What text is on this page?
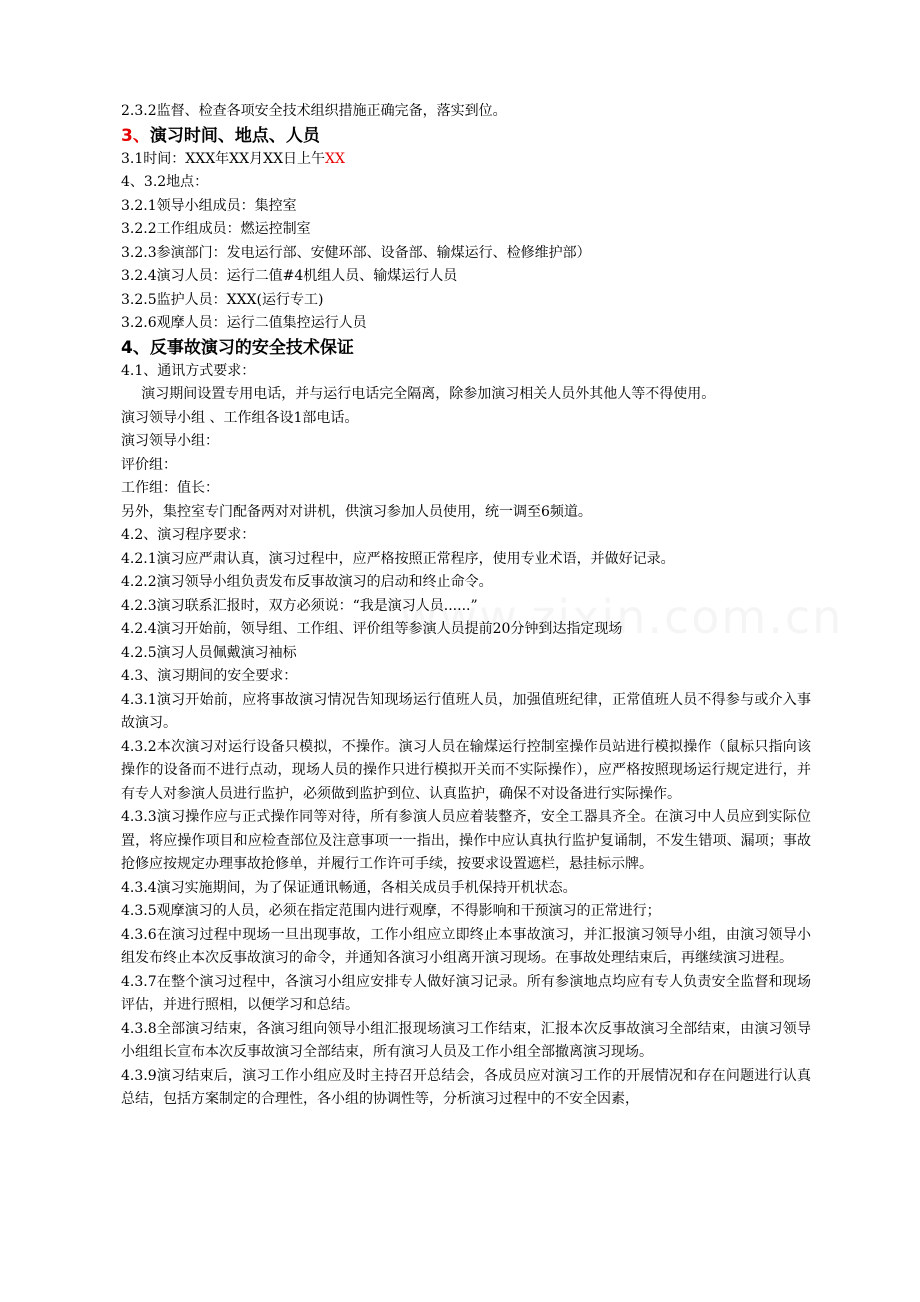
2.3.2监督、检查各项安全技术组织措施正确完备，落实到位。
3、演习时间、地点、人员
3.1时间：XXX年XX月XX日上午XX
4、3.2地点：
3.2.1领导小组成员：集控室
3.2.2工作组成员：燃运控制室
3.2.3参演部门：发电运行部、安健环部、设备部、输煤运行、检修维护部）
3.2.4演习人员：运行二值#4机组人员、输煤运行人员
3.2.5监护人员：XXX(运行专工)
3.2.6观摩人员：运行二值集控运行人员
4、反事故演习的安全技术保证
4.1、通讯方式要求：
演习期间设置专用电话，并与运行电话完全隔离，除参加演习相关人员外其他人等不得使用。
演习领导小组 、工作组各设1部电话。
演习领导小组：
评价组：
工作组：值长：
另外，集控室专门配备两对对讲机，供演习参加人员使用，统一调至6频道。
4.2、演习程序要求：
4.2.1演习应严肃认真，演习过程中，应严格按照正常程序，使用专业术语，并做好记录。
4.2.2演习领导小组负责发布反事故演习的启动和终止命令。
4.2.3演习联系汇报时，双方必须说：“我是演习人员......”
4.2.4演习开始前，领导组、工作组、评价组等参演人员提前20分钟到达指定现场
4.2.5演习人员佩戴演习袖标
4.3、演习期间的安全要求：
4.3.1演习开始前，应将事故演习情况告知现场运行值班人员，加强值班纪律，正常值班人员不得参与或介入事故演习。
4.3.2本次演习对运行设备只模拟，不操作。演习人员在输煤运行控制室操作员站进行模拟操作（鼠标只指向该操作的设备而不进行点动，现场人员的操作只进行模拟开关而不实际操作），应严格按照现场运行规定进行，并有专人对参演人员进行监护，必须做到监护到位、认真监护，确保不对设备进行实际操作。
4.3.3演习操作应与正式操作同等对待，所有参演人员应着装整齐，安全工器具齐全。在演习中人员应到实际位置，将应操作项目和应检查部位及注意事项一一指出，操作中应认真执行监护复诵制，不发生错项、漏项；事故抢修应按规定办理事故抢修单，并履行工作许可手续，按要求设置遮栏，悬挂标示牌。
4.3.4演习实施期间，为了保证通讯畅通，各相关成员手机保持开机状态。
4.3.5观摩演习的人员，必须在指定范围内进行观摩，不得影响和干预演习的正常进行；
4.3.6在演习过程中现场一旦出现事故，工作小组应立即终止本事故演习，并汇报演习领导小组，由演习领导小组发布终止本次反事故演习的命令，并通知各演习小组离开演习现场。在事故处理结束后，再继续演习进程。
4.3.7在整个演习过程中，各演习小组应安排专人做好演习记录。所有参演地点均应有专人负责安全监督和现场评估，并进行照相，以便学习和总结。
4.3.8全部演习结束，各演习组向领导小组汇报现场演习工作结束，汇报本次反事故演习全部结束，由演习领导小组组长宣布本次反事故演习全部结束，所有演习人员及工作小组全部撤离演习现场。
4.3.9演习结束后，演习工作小组应及时主持召开总结会，各成员应对演习工作的开展情况和存在问题进行认真总结，包括方案制定的合理性，各小组的协调性等，分析演习过程中的不安全因素，
